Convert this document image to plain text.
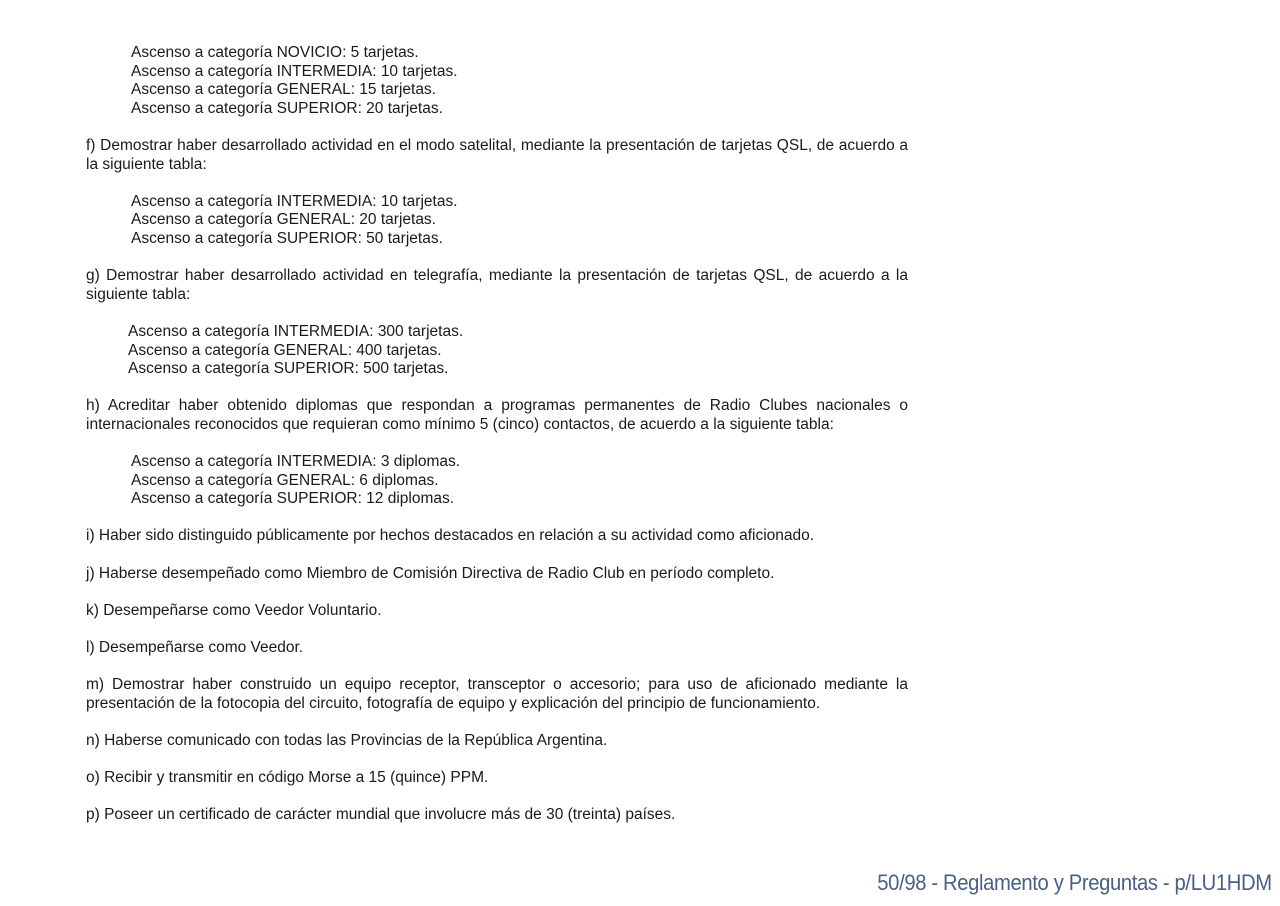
Ascenso a categoría NOVICIO: 5 tarjetas.
Ascenso a categoría INTERMEDIA: 10 tarjetas.
Ascenso a categoría GENERAL: 15 tarjetas.
Ascenso a categoría SUPERIOR: 20 tarjetas.

f) Demostrar haber desarrollado actividad en el modo satelital, mediante la presentación de tarjetas QSL, de acuerdo a la siguiente tabla:

Ascenso a categoría INTERMEDIA: 10 tarjetas.
Ascenso a categoría GENERAL: 20 tarjetas.
Ascenso a categoría SUPERIOR: 50 tarjetas.

g) Demostrar haber desarrollado actividad en telegrafía, mediante la presentación de tarjetas QSL, de acuerdo a la siguiente tabla:

Ascenso a categoría INTERMEDIA: 300 tarjetas.
Ascenso a categoría GENERAL: 400 tarjetas.
Ascenso a categoría SUPERIOR: 500 tarjetas.

h) Acreditar haber obtenido diplomas que respondan a programas permanentes de Radio Clubes nacionales o internacionales reconocidos que requieran como mínimo 5 (cinco) contactos, de acuerdo a la siguiente tabla:

Ascenso a categoría INTERMEDIA: 3 diplomas.
Ascenso a categoría GENERAL: 6 diplomas.
Ascenso a categoría SUPERIOR: 12 diplomas.

i) Haber sido distinguido públicamente por hechos destacados en relación a su actividad como aficionado.

j) Haberse desempeñado como Miembro de Comisión Directiva de Radio Club en período completo.

k) Desempeñarse como Veedor Voluntario.

l) Desempeñarse como Veedor.

m) Demostrar haber construido un equipo receptor, transceptor o accesorio; para uso de aficionado mediante la presentación de la fotocopia del circuito, fotografía de equipo y explicación del principio de funcionamiento.

n) Haberse comunicado con todas las Provincias de la República Argentina.

o) Recibir y transmitir en código Morse a 15 (quince) PPM.

p) Poseer un certificado de carácter mundial que involucre más de 30 (treinta) países.

50/98 - Reglamento y Preguntas - p/LU1HDM
